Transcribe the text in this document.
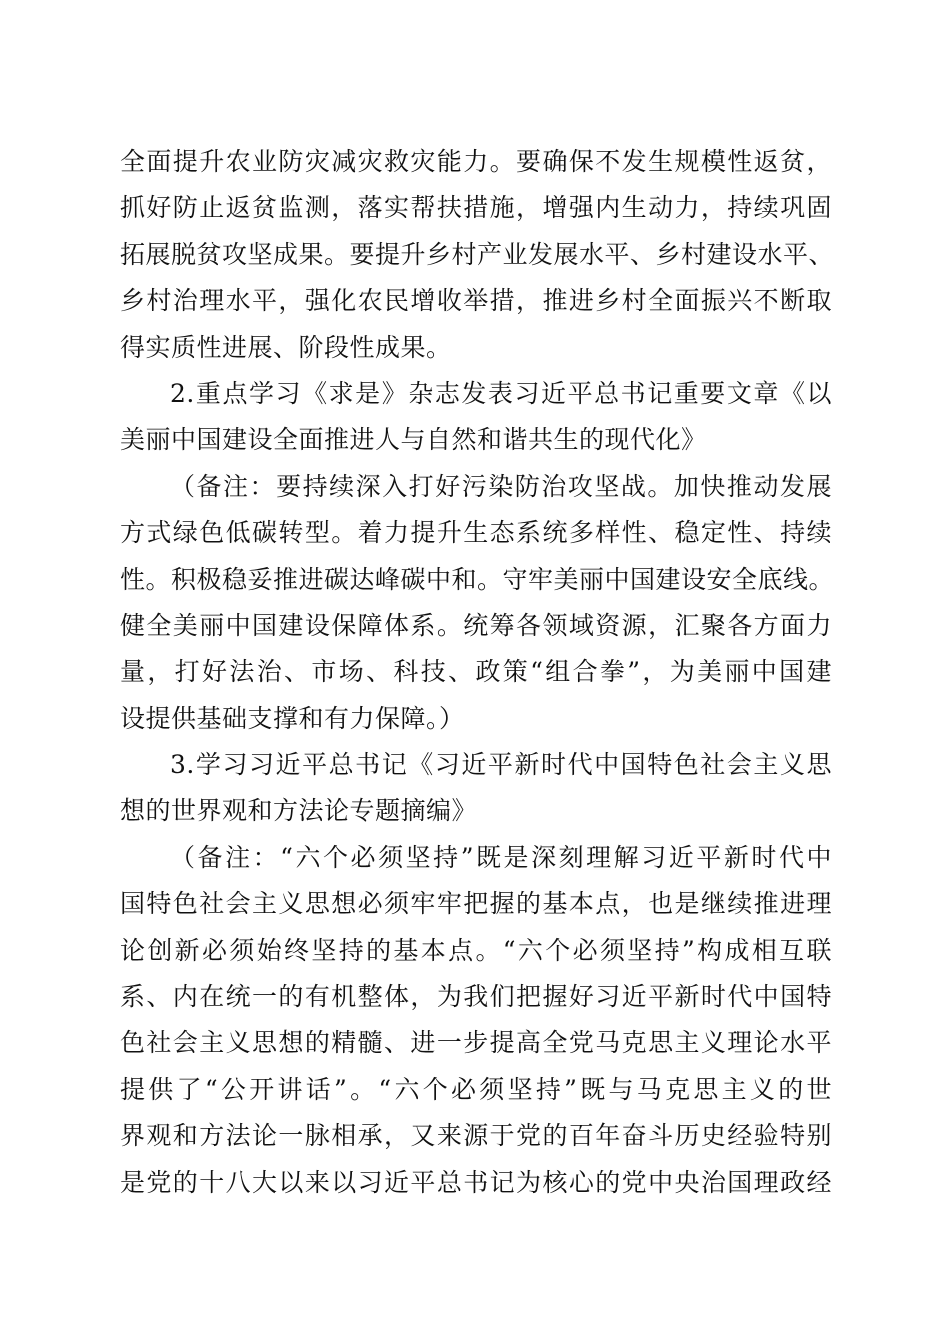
全面提升农业防灾减灾救灾能力。要确保不发生规模性返贫，
抓好防止返贫监测，落实帮扶措施，增强内生动力，持续巩固
拓展脱贫攻坚成果。要提升乡村产业发展水平、乡村建设水平、
乡村治理水平，强化农民增收举措，推进乡村全面振兴不断取
得实质性进展、阶段性成果。
2.重点学习《求是》杂志发表习近平总书记重要文章《以
美丽中国建设全面推进人与自然和谐共生的现代化》
（备注：要持续深入打好污染防治攻坚战。加快推动发展
方式绿色低碳转型。着力提升生态系统多样性、稳定性、持续
性。积极稳妥推进碳达峰碳中和。守牢美丽中国建设安全底线。
健全美丽中国建设保障体系。统筹各领域资源，汇聚各方面力
量，打好法治、市场、科技、政策“组合拳”，为美丽中国建
设提供基础支撑和有力保障。）
3.学习习近平总书记《习近平新时代中国特色社会主义思
想的世界观和方法论专题摘编》
（备注：“六个必须坚持”既是深刻理解习近平新时代中
国特色社会主义思想必须牢牢把握的基本点，也是继续推进理
论创新必须始终坚持的基本点。“六个必须坚持”构成相互联
系、内在统一的有机整体，为我们把握好习近平新时代中国特
色社会主义思想的精髓、进一步提高全党马克思主义理论水平
提供了“公开讲话”。“六个必须坚持”既与马克思主义的世
界观和方法论一脉相承，又来源于党的百年奋斗历史经验特别
是党的十八大以来以习近平总书记为核心的党中央治国理政经
